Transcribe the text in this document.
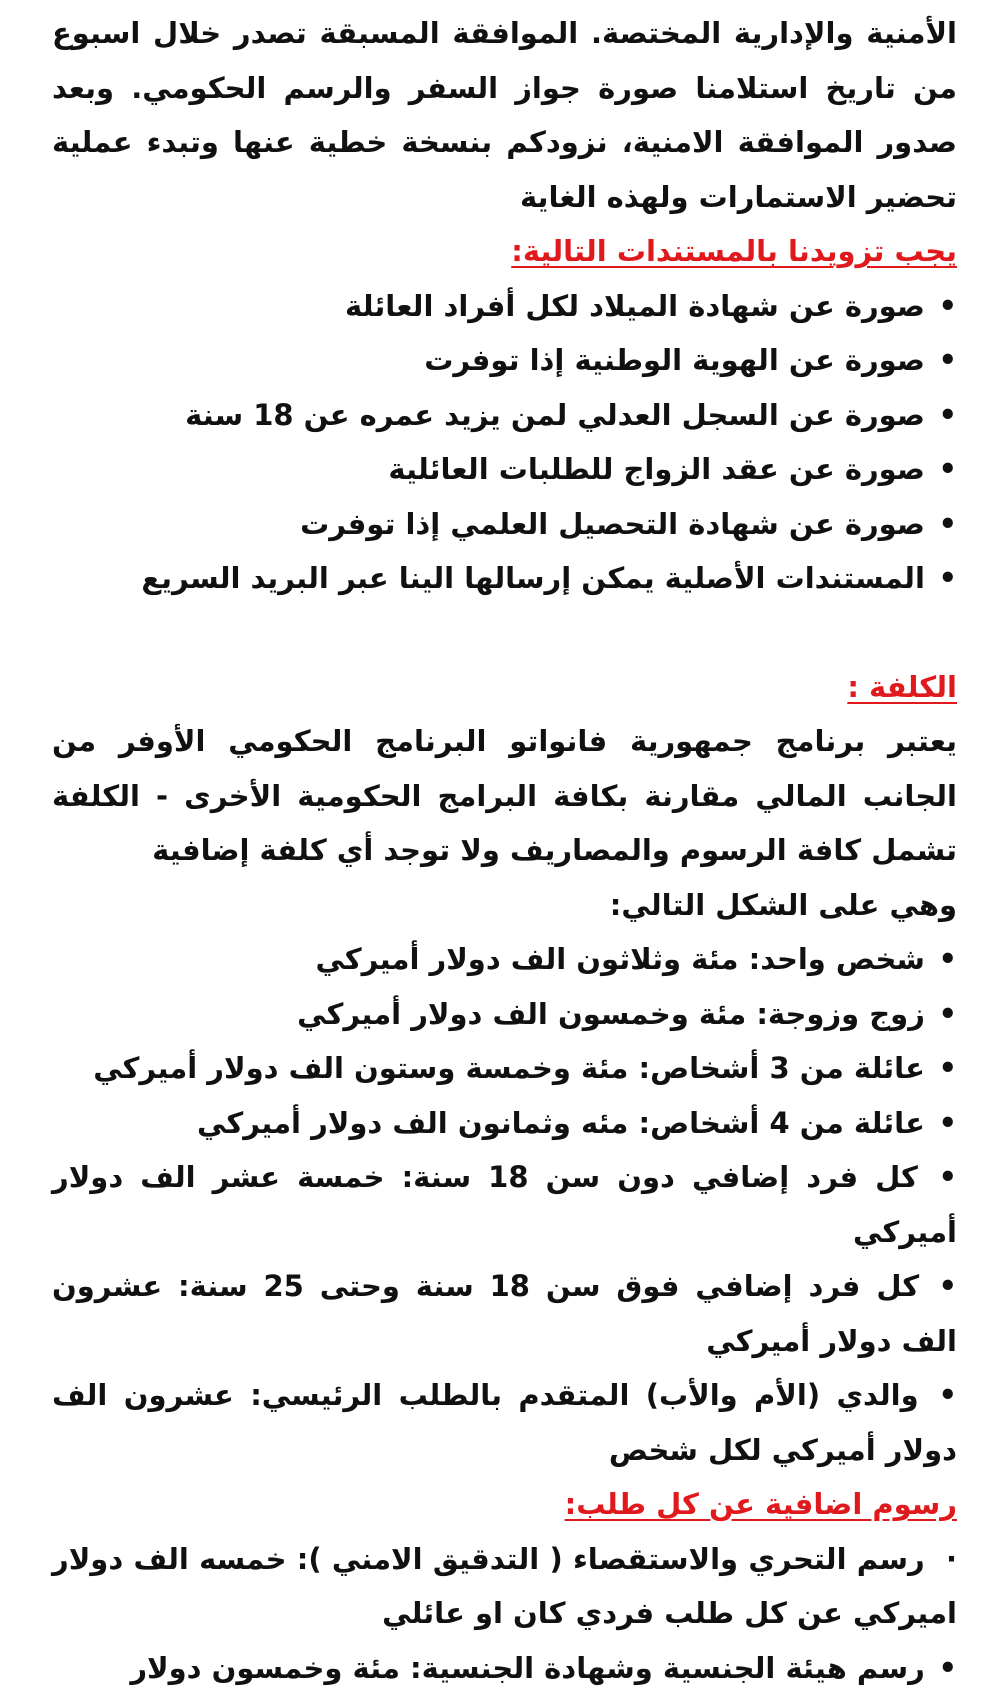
الأمنية والإدارية المختصة. الموافقة المسبقة تصدر خلال اسبوع من تاريخ استلامنا صورة جواز السفر والرسم الحكومي. وبعد صدور الموافقة الامنية، نزودكم بنسخة خطية عنها وتبدء عملية تحضير الاستمارات ولهذه الغاية

يجب تزويدنا بالمستندات التالية:

• صورة عن شهادة الميلاد لكل أفراد العائلة
• صورة عن الهوية الوطنية إذا توفرت
• صورة عن السجل العدلي لمن يزيد عمره عن 18 سنة
• صورة عن عقد الزواج للطلبات العائلية
• صورة عن شهادة التحصيل العلمي إذا توفرت
• المستندات الأصلية يمكن إرسالها الينا عبر البريد السريع

الكلفة :

يعتبر برنامج جمهورية فانواتو البرنامج الحكومي الأوفر من الجانب المالي مقارنة بكافة البرامج الحكومية الأخرى - الكلفة تشمل كافة الرسوم والمصاريف ولا توجد أي كلفة إضافية

وهي على الشكل التالي:

• شخص واحد: مئة وثلاثون الف دولار أميركي
• زوج وزوجة: مئة وخمسون الف دولار أميركي
• عائلة من 3 أشخاص: مئة وخمسة وستون الف دولار أميركي
• عائلة من 4 أشخاص: مئه وثمانون الف دولار أميركي
• كل فرد إضافي دون سن 18 سنة: خمسة عشر الف دولار أميركي
• كل فرد إضافي فوق سن 18 سنة وحتى 25 سنة: عشرون الف دولار أميركي
• والدي (الأم والأب) المتقدم بالطلب الرئيسي: عشرون الف دولار أميركي لكل شخص

رسوم اضافية عن كل طلب:

· رسم التحري والاستقصاء ( التدقيق الامني ): خمسه الف دولار اميركي عن كل طلب فردي كان او عائلي
• رسم هيئة الجنسية وشهادة الجنسية: مئة وخمسون دولار
